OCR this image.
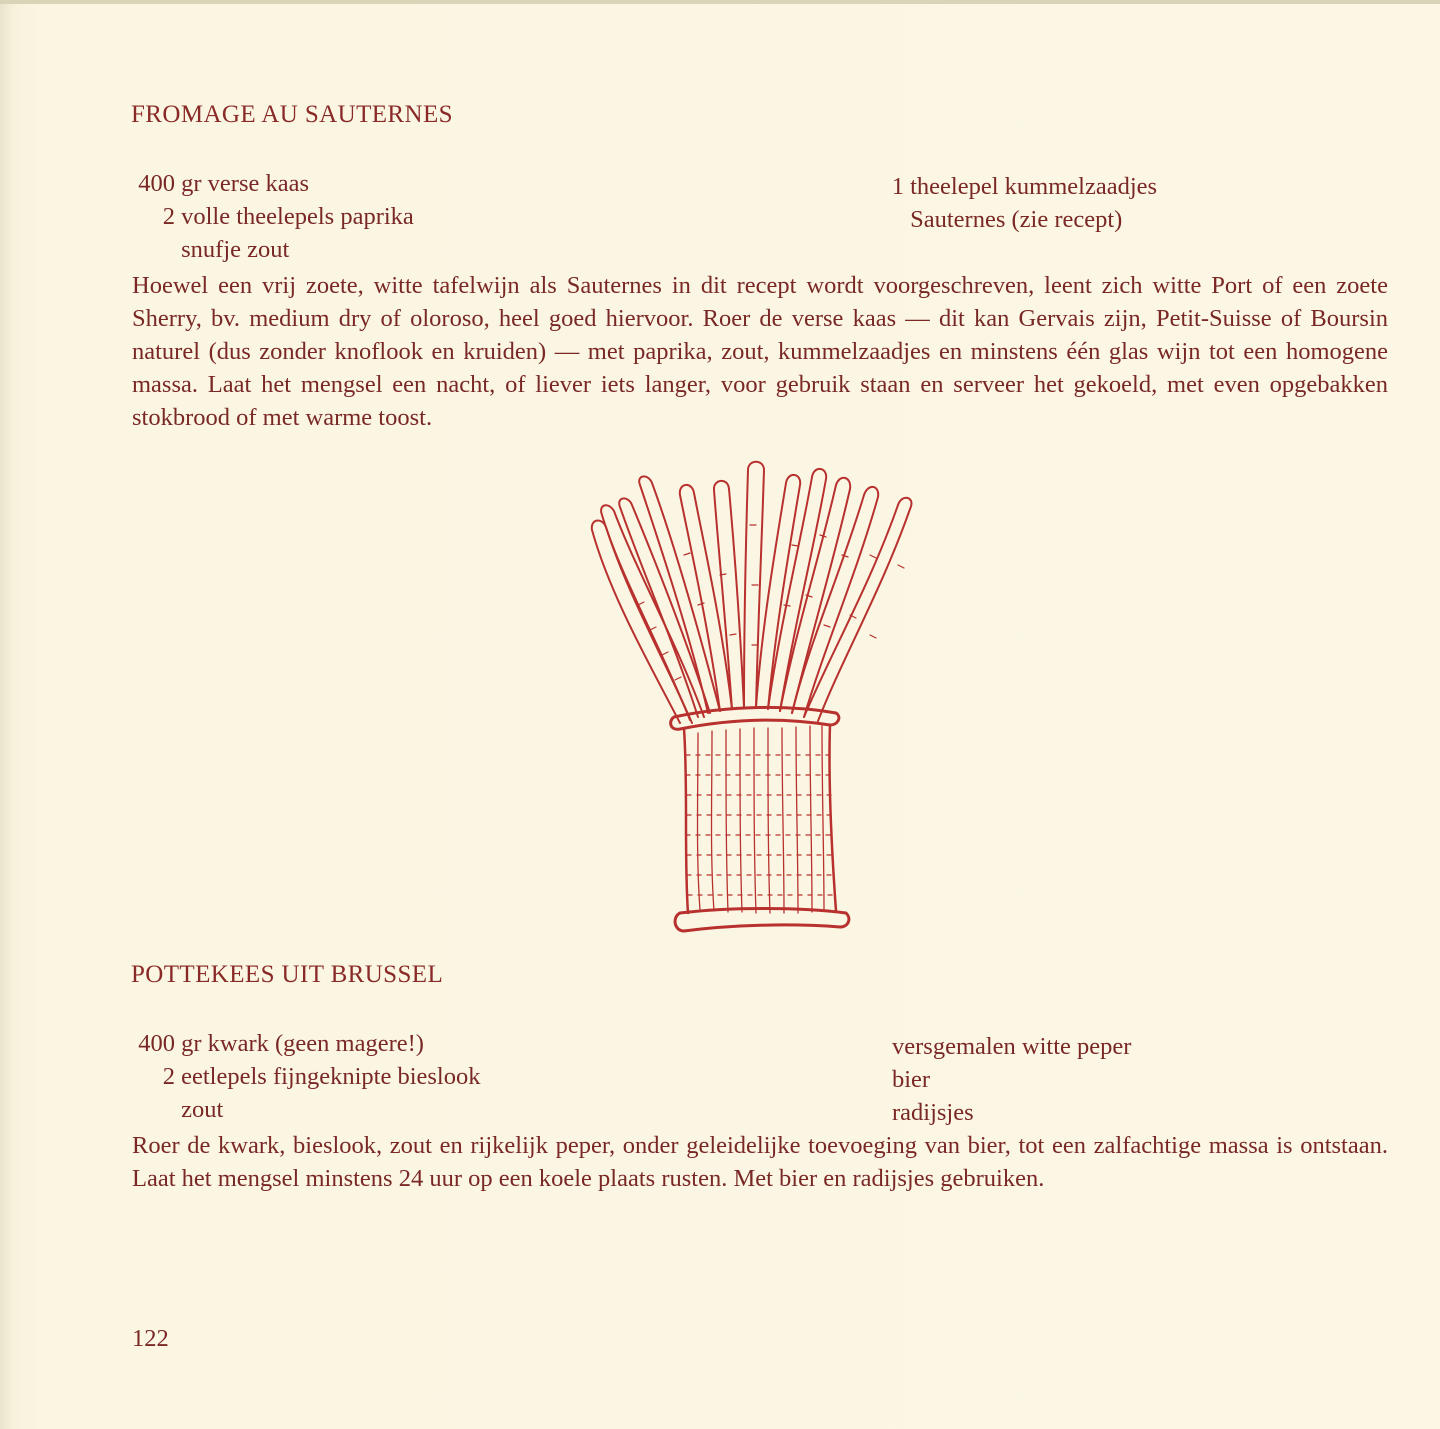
FROMAGE AU SAUTERNES
400 gr verse kaas
2 volle theelepels paprika
snufje zout
1 theelepel kummelzaadjes
Sauternes (zie recept)
Hoewel een vrij zoete, witte tafelwijn als Sauternes in dit recept wordt voorgeschreven, leent zich witte Port of een zoete Sherry, bv. medium dry of oloroso, heel goed hiervoor. Roer de verse kaas — dit kan Gervais zijn, Petit-Suisse of Boursin naturel (dus zonder knoflook en kruiden) — met paprika, zout, kummelzaadjes en minstens één glas wijn tot een homogene massa. Laat het mengsel een nacht, of liever iets langer, voor gebruik staan en serveer het gekoeld, met even opgebakken stokbrood of met warme toost.
POTTEKEES UIT BRUSSEL
400 gr kwark (geen magere!)
2 eetlepels fijngeknipte bieslook
zout
versgemalen witte peper
bier
radijsjes
Roer de kwark, bieslook, zout en rijkelijk peper, onder geleidelijke toevoeging van bier, tot een zalfachtige massa is ontstaan. Laat het mengsel minstens 24 uur op een koele plaats rusten. Met bier en radijsjes gebruiken.
122
